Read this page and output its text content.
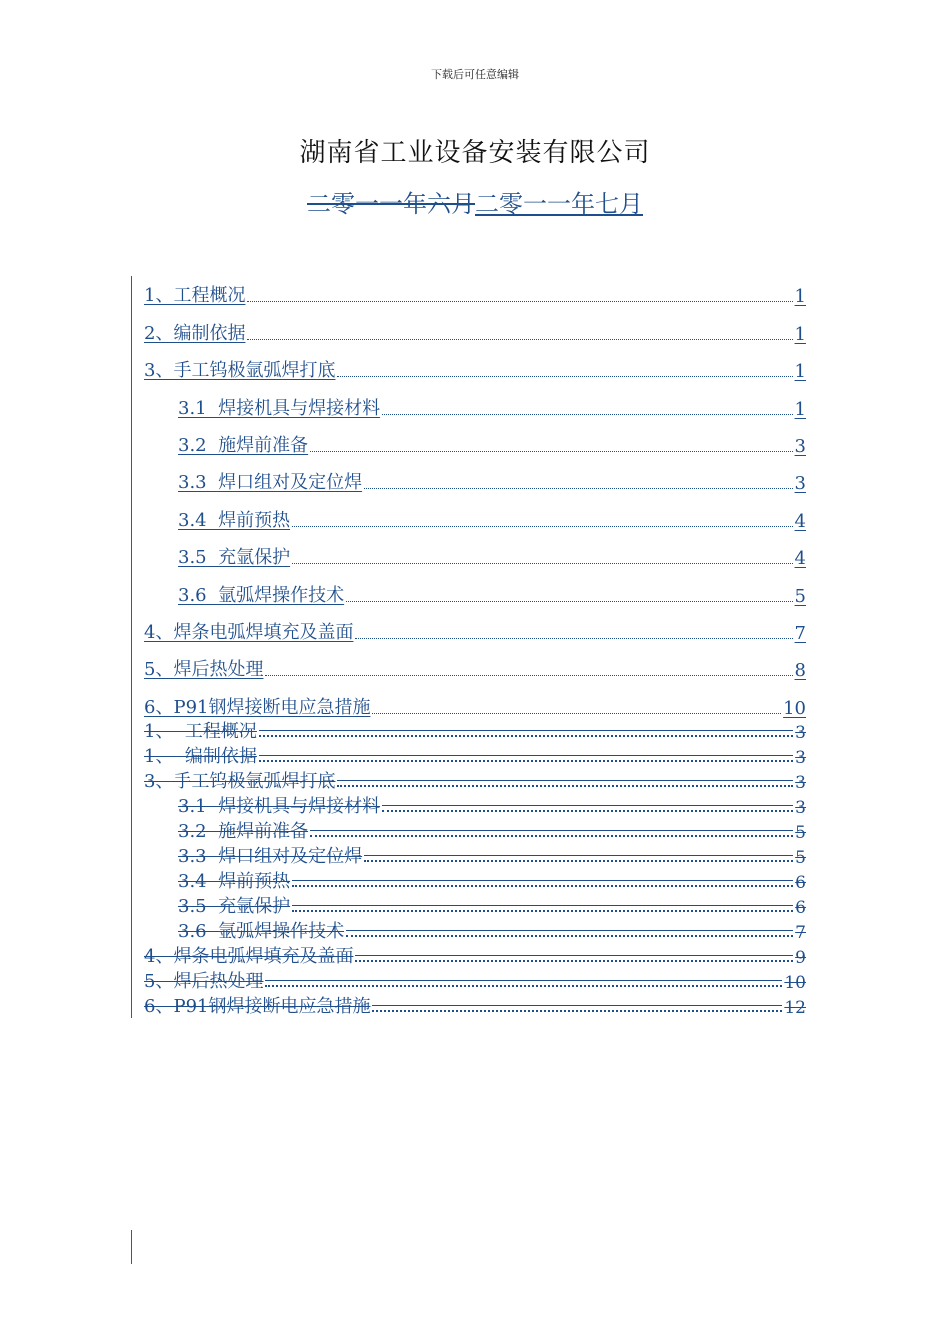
下载后可任意编辑
湖南省工业设备安装有限公司
二零一一年六月二零一一年七月
1、工程概况	1
2、编制依据	1
3、手工钨极氩弧焊打底	1
3.1  焊接机具与焊接材料	1
3.2  施焊前准备	3
3.3  焊口组对及定位焊	3
3.4  焊前预热	4
3.5  充氩保护	4
3.6  氩弧焊操作技术	5
4、焊条电弧焊填充及盖面	7
5、焊后热处理	8
6、P91钢焊接断电应急措施	10
1、  工程概况	3
1、  编制依据	3
3、手工钨极氩弧焊打底	3
3.1  焊接机具与焊接材料	3
3.2  施焊前准备	5
3.3  焊口组对及定位焊	5
3.4  焊前预热	6
3.5  充氩保护	6
3.6  氩弧焊操作技术	7
4、焊条电弧焊填充及盖面	9
5、焊后热处理	10
6、P91钢焊接断电应急措施	12
